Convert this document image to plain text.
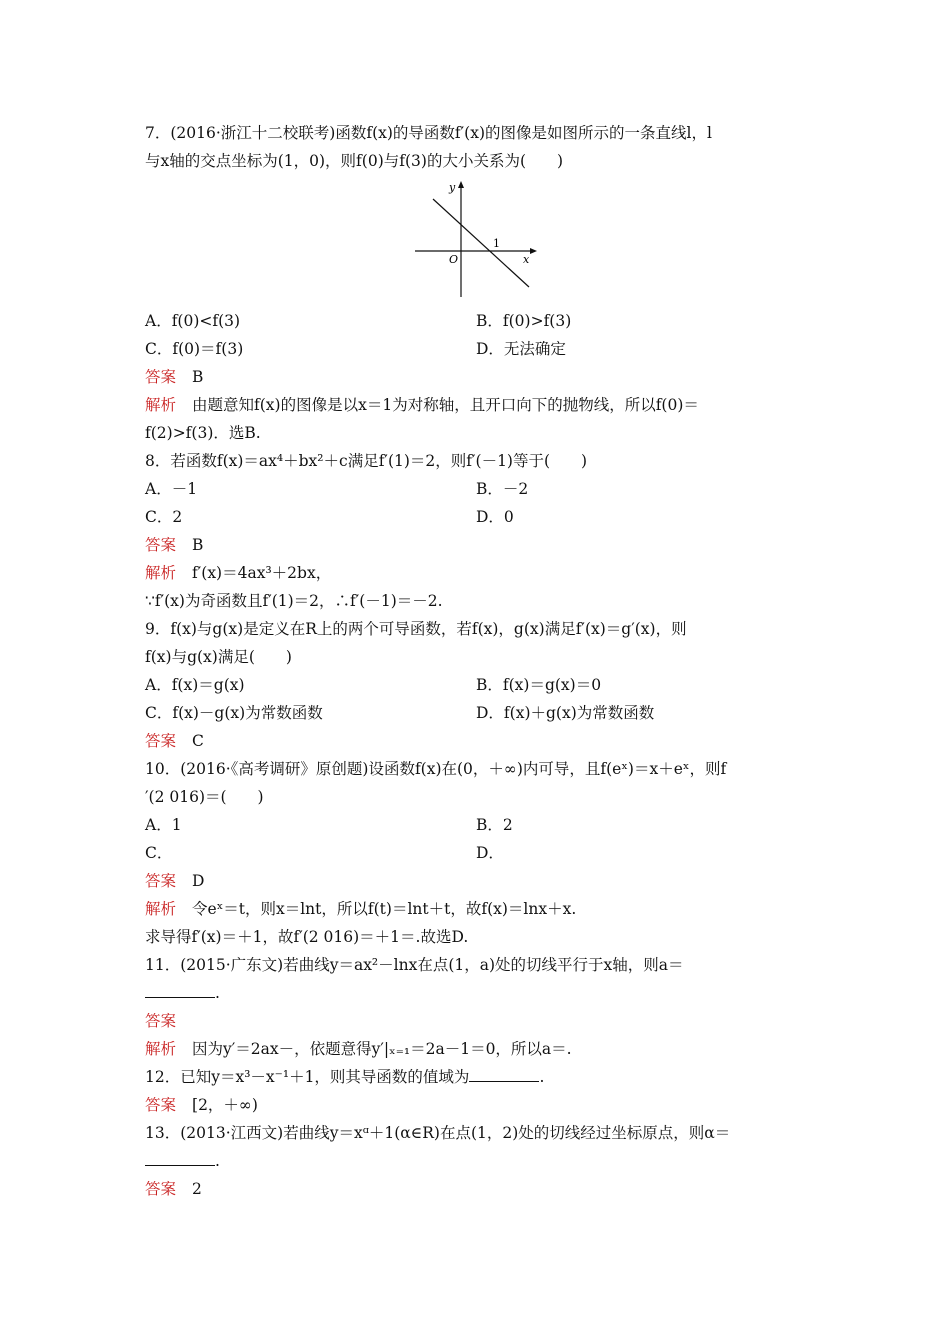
7．(2016·浙江十二校联考)函数f(x)的导函数f′(x)的图像是如图所示的一条直线l，l
与x轴的交点坐标为(1，0)，则f(0)与f(3)的大小关系为(　　)
y
x
O
1
A．f(0)<f(3)	B．f(0)>f(3)
C．f(0)＝f(3)	D．无法确定
答案 B
解析 由题意知f(x)的图像是以x＝1为对称轴，且开口向下的抛物线，所以f(0)＝
f(2)>f(3)．选B.
8．若函数f(x)＝ax⁴＋bx²＋c满足f′(1)＝2，则f′(－1)等于(　　)
A．－1	B．－2
C．2	D．0
答案 B
解析 f′(x)＝4ax³＋2bx，
∵f′(x)为奇函数且f′(1)＝2，∴f′(－1)＝－2.
9．f(x)与g(x)是定义在R上的两个可导函数，若f(x)，g(x)满足f′(x)＝g′(x)，则
f(x)与g(x)满足(　　)
A．f(x)＝g(x)	B．f(x)＝g(x)＝0
C．f(x)－g(x)为常数函数	D．f(x)＋g(x)为常数函数
答案 C
10．(2016·《高考调研》原创题)设函数f(x)在(0，＋∞)内可导，且f(eˣ)＝x＋eˣ，则f
′(2 016)＝(　　)
A．1	B．2
C．	D．
答案 D
解析 令eˣ＝t，则x＝lnt，所以f(t)＝lnt＋t，故f(x)＝lnx＋x.
求导得f′(x)＝＋1，故f′(2 016)＝＋1＝.故选D.
11．(2015·广东文)若曲线y＝ax²－lnx在点(1，a)处的切线平行于x轴，则a＝
.
答案
解析 因为y′＝2ax－，依题意得y′|ₓ₌₁＝2a－1＝0，所以a＝.
12．已知y＝x³－x⁻¹＋1，则其导函数的值域为	.
答案 [2，＋∞)
13．(2013·江西文)若曲线y＝xᵅ＋1(α∈R)在点(1，2)处的切线经过坐标原点，则α＝
.
答案 2
